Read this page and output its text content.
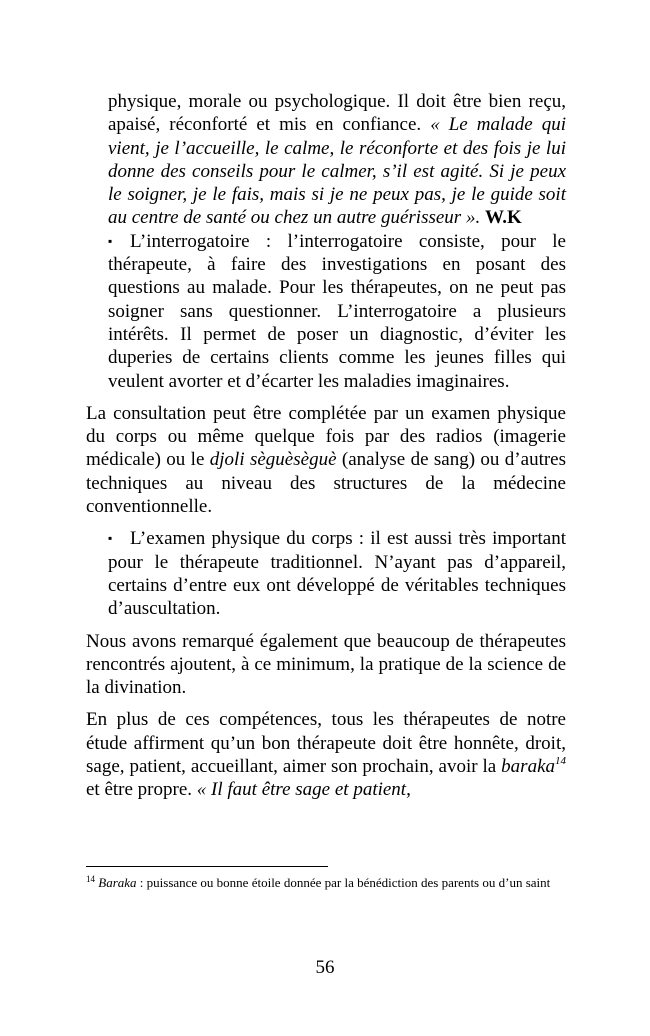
physique, morale ou psychologique. Il doit être bien reçu, apaisé, réconforté et mis en confiance. « Le malade qui vient, je l’accueille, le calme, le réconforte et des fois je lui donne des conseils pour le calmer, s’il est agité. Si je peux le soigner, je le fais, mais si je ne peux pas, je le guide soit au centre de santé ou chez un autre guérisseur ». W.K

▪ L’interrogatoire : l’interrogatoire consiste, pour le thérapeute, à faire des investigations en posant des questions au malade. Pour les thérapeutes, on ne peut pas soigner sans questionner. L’interrogatoire a plusieurs intérêts. Il permet de poser un diagnostic, d’éviter les duperies de certains clients comme les jeunes filles qui veulent avorter et d’écarter les maladies imaginaires.

La consultation peut être complétée par un examen physique du corps ou même quelque fois par des radios (imagerie médicale) ou le djoli sèguèsèguè (analyse de sang) ou d’autres techniques au niveau des structures de la médecine conventionnelle.

▪ L’examen physique du corps : il est aussi très important pour le thérapeute traditionnel. N’ayant pas d’appareil, certains d’entre eux ont développé de véritables techniques d’auscultation.

Nous avons remarqué également que beaucoup de thérapeutes rencontrés ajoutent, à ce minimum, la pratique de la science de la divination.

En plus de ces compétences, tous les thérapeutes de notre étude affirment qu’un bon thérapeute doit être honnête, droit, sage, patient, accueillant, aimer son prochain, avoir la baraka$^{14}$ et être propre. « Il faut être sage et patient,

$^{14}$ Baraka : puissance ou bonne étoile donnée par la bénédiction des parents ou d’un saint
56
